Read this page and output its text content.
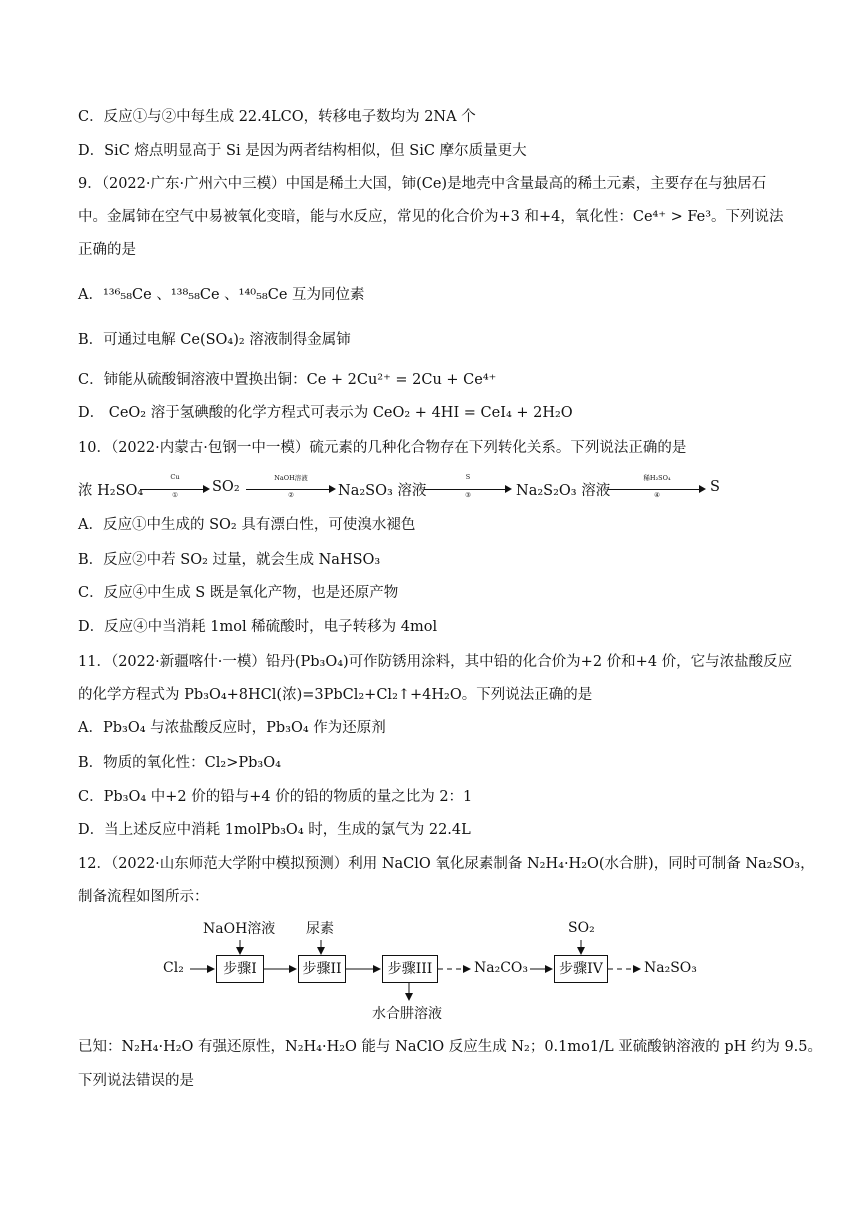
C．反应①与②中每生成 22.4LCO，转移电子数均为 2NA 个
D．SiC 熔点明显高于 Si 是因为两者结构相似，但 SiC 摩尔质量更大
9．（2022·广东·广州六中三模）中国是稀土大国，铈(Ce)是地壳中含量最高的稀土元素，主要存在与独居石
中。金属铈在空气中易被氧化变暗，能与水反应，常见的化合价为+3 和+4，氧化性：Ce⁴⁺ > Fe³。下列说法
正确的是
A．¹³⁶₅₈Ce 、¹³⁸₅₈Ce 、¹⁴⁰₅₈Ce 互为同位素
B．可通过电解 Ce(SO₄)₂ 溶液制得金属铈
C．铈能从硫酸铜溶液中置换出铜：Ce + 2Cu²⁺ = 2Cu + Ce⁴⁺
D． CeO₂ 溶于氢碘酸的化学方程式可表示为 CeO₂ + 4HI = CeI₄ + 2H₂O
10．（2022·内蒙古·包钢一中一模）硫元素的几种化合物存在下列转化关系。下列说法正确的是
浓 H₂SO₄
Cu
①	SO₂
NaOH溶液
②	Na₂SO₃ 溶液
S
③	Na₂S₂O₃ 溶液
稀H₂SO₄
④	S
A．反应①中生成的 SO₂ 具有漂白性，可使溴水褪色
B．反应②中若 SO₂ 过量，就会生成 NaHSO₃
C．反应④中生成 S 既是氧化产物，也是还原产物
D．反应④中当消耗 1mol 稀硫酸时，电子转移为 4mol
11．（2022·新疆喀什·一模）铅丹(Pb₃O₄)可作防锈用涂料，其中铅的化合价为+2 价和+4 价，它与浓盐酸反应
的化学方程式为 Pb₃O₄+8HCl(浓)=3PbCl₂+Cl₂↑+4H₂O。下列说法正确的是
A．Pb₃O₄ 与浓盐酸反应时，Pb₃O₄ 作为还原剂
B．物质的氧化性：Cl₂>Pb₃O₄
C．Pb₃O₄ 中+2 价的铅与+4 价的铅的物质的量之比为 2：1
D．当上述反应中消耗 1molPb₃O₄ 时，生成的氯气为 22.4L
12．（2022·山东师范大学附中模拟预测）利用 NaClO 氧化尿素制备 N₂H₄·H₂O(水合肼)，同时可制备 Na₂SO₃，
制备流程如图所示：
NaOH溶液 尿素	SO₂
Cl₂	步骤I	步骤II	步骤III	Na₂CO₃	步骤IV	Na₂SO₃
水合肼溶液
已知：N₂H₄·H₂O 有强还原性，N₂H₄·H₂O 能与 NaClO 反应生成 N₂；0.1mo1/L 亚硫酸钠溶液的 pH 约为 9.5。
下列说法错误的是
